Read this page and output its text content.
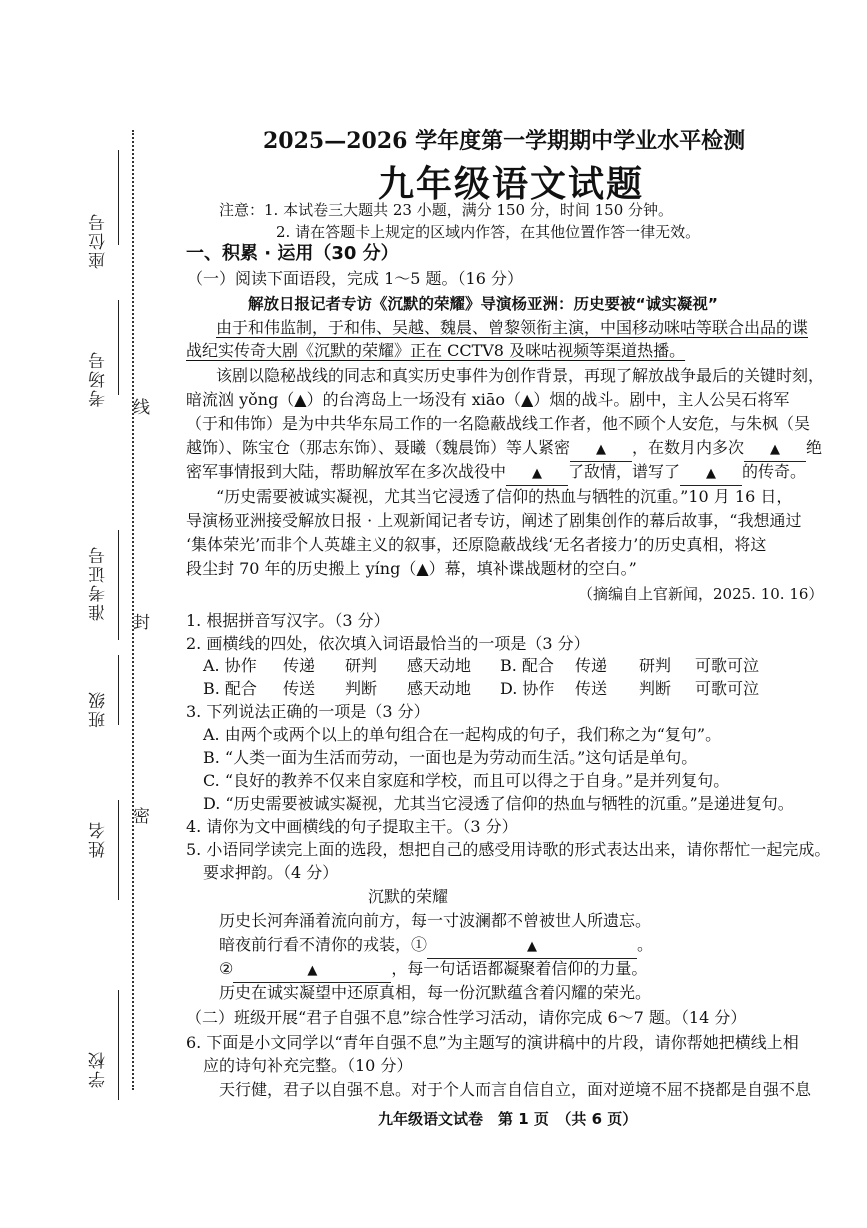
座位号
考场号
准考证号
班级
姓名
学校
线
封
密
2025—2026 学年度第一学期期中学业水平检测
九年级语文试题
注意：1. 本试卷三大题共 23 小题，满分 150 分，时间 150 分钟。
2. 请在答题卡上规定的区域内作答，在其他位置作答一律无效。
一、积累 · 运用（30 分）
（一）阅读下面语段，完成 1～5 题。（16 分）
解放日报记者专访《沉默的荣耀》导演杨亚洲：历史要被“诚实凝视”
由于和伟监制，于和伟、吴越、魏晨、曾黎领衔主演，中国移动咪咕等联合出品的谍
战纪实传奇大剧《沉默的荣耀》正在 CCTV8 及咪咕视频等渠道热播。
该剧以隐秘战线的同志和真实历史事件为创作背景，再现了解放战争最后的关键时刻，
暗流汹 yǒng（▲）的台湾岛上一场没有 xiāo（▲）烟的战斗。剧中，主人公吴石将军
（于和伟饰）是为中共华东局工作的一名隐蔽战线工作者，他不顾个人安危，与朱枫（吴
越饰）、陈宝仓（那志东饰）、聂曦（魏晨饰）等人紧密 ▲ ，在数月内多次 ▲ 绝
密军事情报到大陆，帮助解放军在多次战役中 ▲ 了敌情，谱写了 ▲ 的传奇。
“历史需要被诚实凝视，尤其当它浸透了信仰的热血与牺牲的沉重。”10 月 16 日，
导演杨亚洲接受解放日报 · 上观新闻记者专访，阐述了剧集创作的幕后故事，“我想通过
‘集体荣光’而非个人英雄主义的叙事，还原隐蔽战线‘无名者接力’的历史真相，将这
段尘封 70 年的历史搬上 yíng（▲）幕，填补谍战题材的空白。”
（摘编自上官新闻，2025. 10. 16）
1. 根据拼音写汉字。（3 分）
2. 画横线的四处，依次填入词语最恰当的一项是（3 分）
A. 协作 传递 研判 感天动地	B. 配合 传递 研判 可歌可泣
B. 配合 传送 判断 感天动地	D. 协作 传送 判断 可歌可泣
3. 下列说法正确的一项是（3 分）
A. 由两个或两个以上的单句组合在一起构成的句子，我们称之为“复句”。
B. “人类一面为生活而劳动，一面也是为劳动而生活。”这句话是单句。
C. “良好的教养不仅来自家庭和学校，而且可以得之于自身。”是并列复句。
D. “历史需要被诚实凝视，尤其当它浸透了信仰的热血与牺牲的沉重。”是递进复句。
4. 请你为文中画横线的句子提取主干。（3 分）
5. 小语同学读完上面的选段，想把自己的感受用诗歌的形式表达出来，请你帮忙一起完成。
要求押韵。（4 分）
沉默的荣耀
历史长河奔涌着流向前方，每一寸波澜都不曾被世人所遗忘。
暗夜前行看不清你的戎装，①	▲	。
②	▲	，每一句话语都凝聚着信仰的力量。
历史在诚实凝望中还原真相，每一份沉默蕴含着闪耀的荣光。
（二）班级开展“君子自强不息”综合性学习活动，请你完成 6～7 题。（14 分）
6. 下面是小文同学以“青年自强不息”为主题写的演讲稿中的片段，请你帮她把横线上相
应的诗句补充完整。（10 分）
天行健，君子以自强不息。对于个人而言自信自立，面对逆境不屈不挠都是自强不息
九年级语文试卷　第 1 页　（共 6 页）
